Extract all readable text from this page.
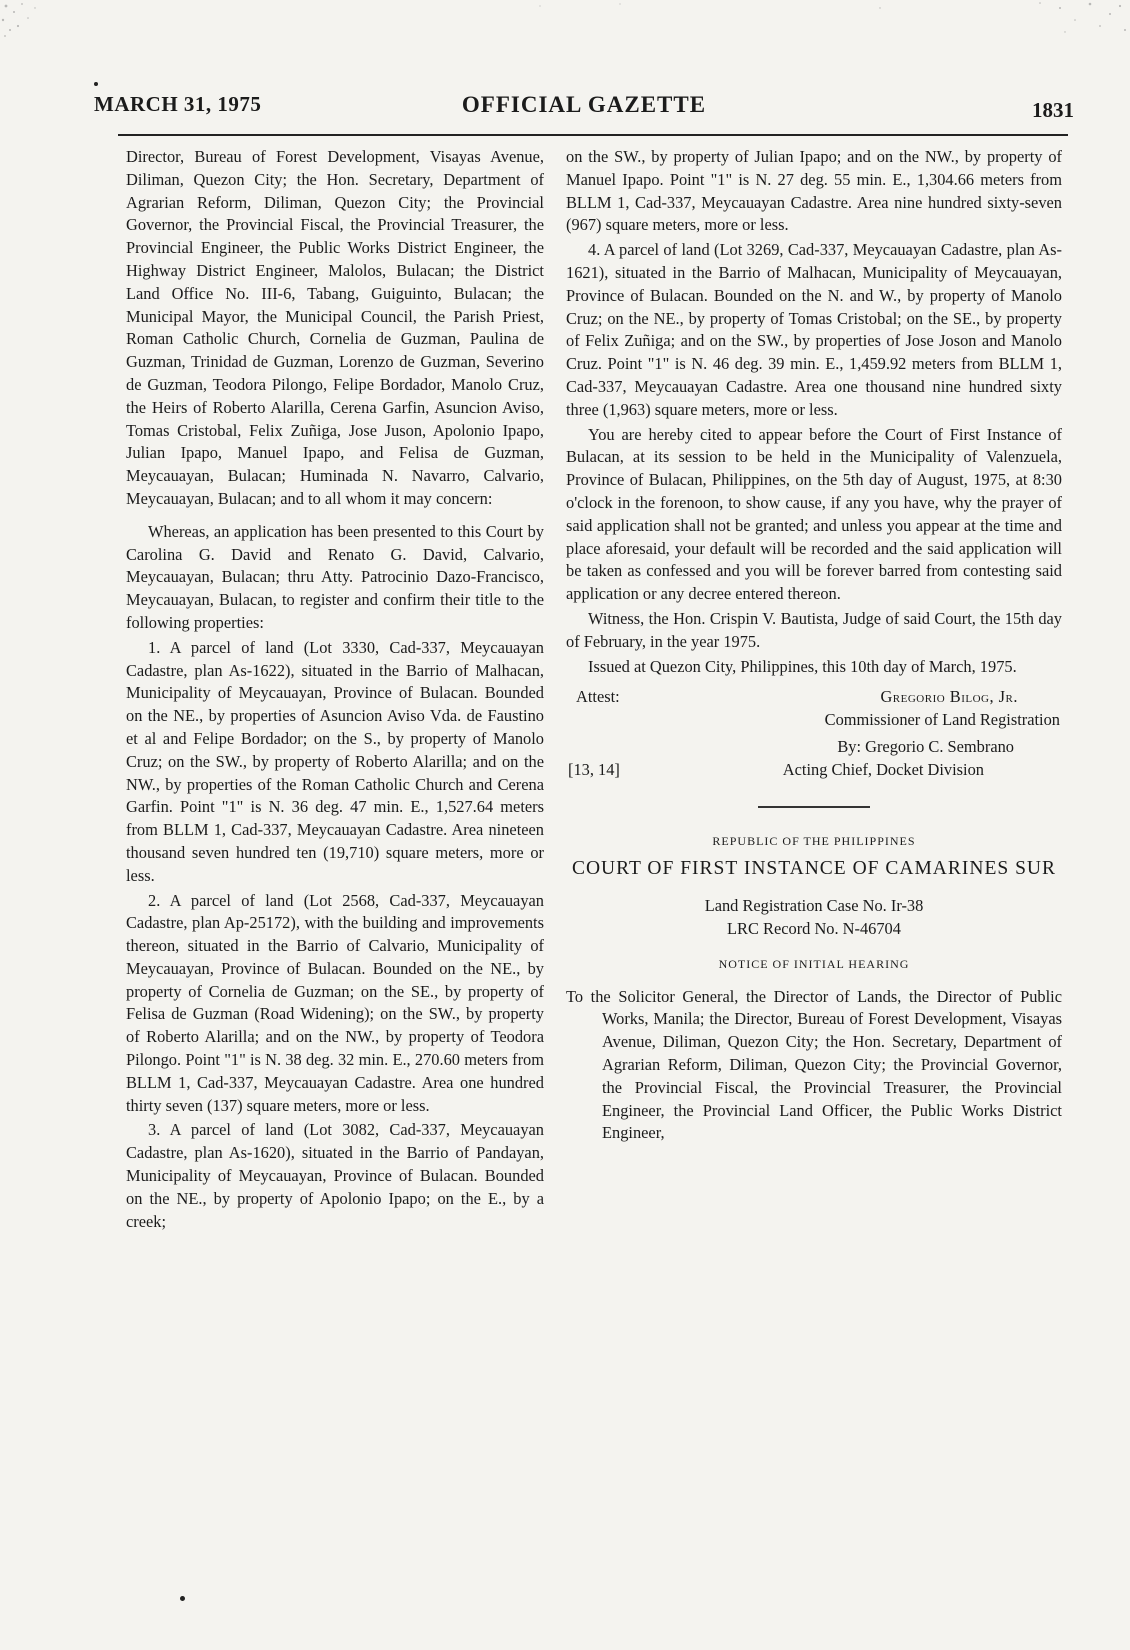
MARCH 31, 1975	OFFICIAL GAZETTE	1831

Director, Bureau of Forest Development, Visayas Avenue, Diliman, Quezon City; the Hon. Secretary, Department of Agrarian Reform, Diliman, Quezon City; the Provincial Governor, the Provincial Fiscal, the Provincial Treasurer, the Provincial Engineer, the Public Works District Engineer, the Highway District Engineer, Malolos, Bulacan; the District Land Office No. III-6, Tabang, Guiguinto, Bulacan; the Municipal Mayor, the Municipal Council, the Parish Priest, Roman Catholic Church, Cornelia de Guzman, Paulina de Guzman, Trinidad de Guzman, Lorenzo de Guzman, Severino de Guzman, Teodora Pilongo, Felipe Bordador, Manolo Cruz, the Heirs of Roberto Alarilla, Cerena Garfin, Asuncion Aviso, Tomas Cristobal, Felix Zuñiga, Jose Juson, Apolonio Ipapo, Julian Ipapo, Manuel Ipapo, and Felisa de Guzman, Meycauayan, Bulacan; Huminada N. Navarro, Calvario, Meycauayan, Bulacan; and to all whom it may concern:

Whereas, an application has been presented to this Court by Carolina G. David and Renato G. David, Calvario, Meycauayan, Bulacan; thru Atty. Patrocinio Dazo-Francisco, Meycauayan, Bulacan, to register and confirm their title to the following properties:

1. A parcel of land (Lot 3330, Cad-337, Meycauayan Cadastre, plan As-1622), situated in the Barrio of Malhacan, Municipality of Meycauayan, Province of Bulacan. Bounded on the NE., by properties of Asuncion Aviso Vda. de Faustino et al and Felipe Bordador; on the S., by property of Manolo Cruz; on the SW., by property of Roberto Alarilla; and on the NW., by properties of the Roman Catholic Church and Cerena Garfin. Point "1" is N. 36 deg. 47 min. E., 1,527.64 meters from BLLM 1, Cad-337, Meycauayan Cadastre. Area nineteen thousand seven hundred ten (19,710) square meters, more or less.

2. A parcel of land (Lot 2568, Cad-337, Meycauayan Cadastre, plan Ap-25172), with the building and improvements thereon, situated in the Barrio of Calvario, Municipality of Meycauayan, Province of Bulacan. Bounded on the NE., by property of Cornelia de Guzman; on the SE., by property of Felisa de Guzman (Road Widening); on the SW., by property of Roberto Alarilla; and on the NW., by property of Teodora Pilongo. Point "1" is N. 38 deg. 32 min. E., 270.60 meters from BLLM 1, Cad-337, Meycauayan Cadastre. Area one hundred thirty seven (137) square meters, more or less.

3. A parcel of land (Lot 3082, Cad-337, Meycauayan Cadastre, plan As-1620), situated in the Barrio of Pandayan, Municipality of Meycauayan, Province of Bulacan. Bounded on the NE., by property of Apolonio Ipapo; on the E., by a creek;

on the SW., by property of Julian Ipapo; and on the NW., by property of Manuel Ipapo. Point "1" is N. 27 deg. 55 min. E., 1,304.66 meters from BLLM 1, Cad-337, Meycauayan Cadastre. Area nine hundred sixty-seven (967) square meters, more or less.

4. A parcel of land (Lot 3269, Cad-337, Meycauayan Cadastre, plan As-1621), situated in the Barrio of Malhacan, Municipality of Meycauayan, Province of Bulacan. Bounded on the N. and W., by property of Manolo Cruz; on the NE., by property of Tomas Cristobal; on the SE., by property of Felix Zuñiga; and on the SW., by properties of Jose Joson and Manolo Cruz. Point "1" is N. 46 deg. 39 min. E., 1,459.92 meters from BLLM 1, Cad-337, Meycauayan Cadastre. Area one thousand nine hundred sixty three (1,963) square meters, more or less.

You are hereby cited to appear before the Court of First Instance of Bulacan, at its session to be held in the Municipality of Valenzuela, Province of Bulacan, Philippines, on the 5th day of August, 1975, at 8:30 o'clock in the forenoon, to show cause, if any you have, why the prayer of said application shall not be granted; and unless you appear at the time and place aforesaid, your default will be recorded and the said application will be taken as confessed and you will be forever barred from contesting said application or any decree entered thereon.

Witness, the Hon. Crispin V. Bautista, Judge of said Court, the 15th day of February, in the year 1975.

Issued at Quezon City, Philippines, this 10th day of March, 1975.

Attest:	Gregorio Bilog, Jr.
Commissioner of Land Registration
By: Gregorio C. Sembrano
[13, 14]	Acting Chief, Docket Division
REPUBLIC OF THE PHILIPPINES
COURT OF FIRST INSTANCE OF CAMARINES SUR
Land Registration Case No. Ir-38
LRC Record No. N-46704
NOTICE OF INITIAL HEARING

To the Solicitor General, the Director of Lands, the Director of Public Works, Manila; the Director, Bureau of Forest Development, Visayas Avenue, Diliman, Quezon City; the Hon. Secretary, Department of Agrarian Reform, Diliman, Quezon City; the Provincial Governor, the Provincial Fiscal, the Provincial Treasurer, the Provincial Engineer, the Provincial Land Officer, the Public Works District Engineer,
